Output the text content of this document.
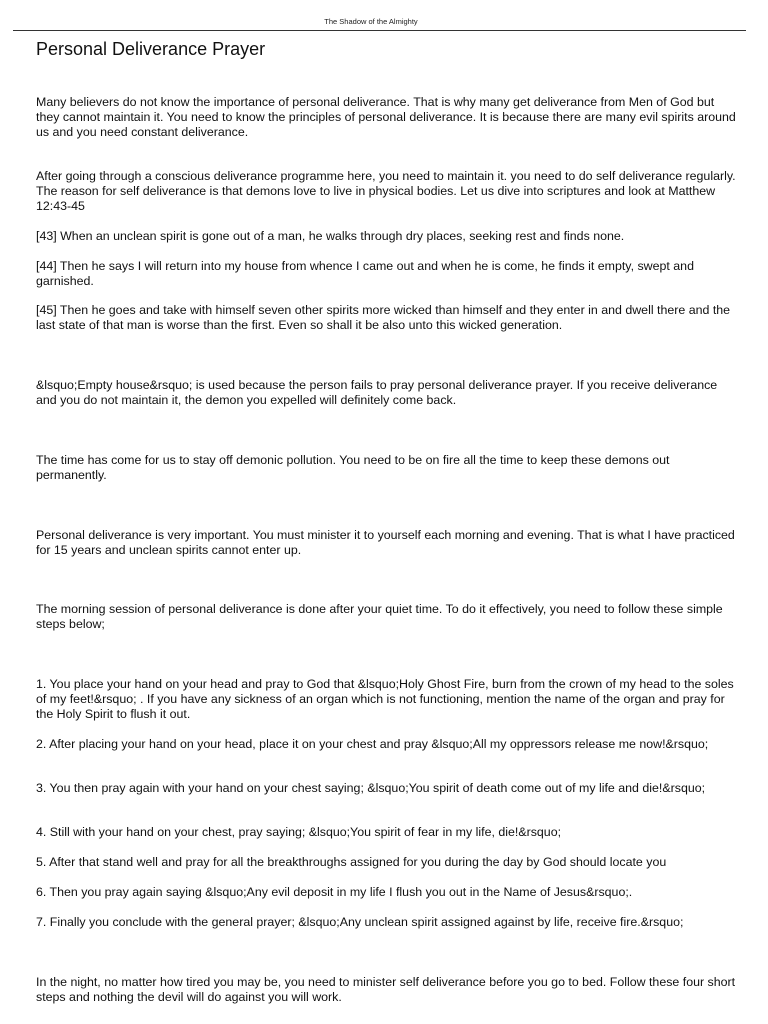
The Shadow of the Almighty
Personal Deliverance Prayer

Many believers do not know the importance of personal deliverance. That is why many get deliverance from Men of God but they cannot maintain it. You need to know the principles of personal deliverance. It is because there are many evil spirits around us and you need constant deliverance.

After going through a conscious deliverance programme here, you need to maintain it. you need to do self deliverance regularly. The reason for self deliverance is that demons love to live in physical bodies. Let us dive into scriptures and look at Matthew 12:43-45

[43] When an unclean spirit is gone out of a man, he walks through dry places, seeking rest and finds none.

[44] Then he says I will return into my house from whence I came out and when he is come, he finds it empty, swept and garnished.

[45] Then he goes and take with himself seven other spirits more wicked than himself and they enter in and dwell there and the last state of that man is worse than the first. Even so shall it be also unto this wicked generation.

&lsquo;Empty house&rsquo; is used because the person fails to pray personal deliverance prayer. If you receive deliverance and you do not maintain it, the demon you expelled will definitely come back.

The time has come for us to stay off demonic pollution. You need to be on fire all the time to keep these demons out permanently.

Personal deliverance is very important. You must minister it to yourself each morning and evening. That is what I have practiced for 15 years and unclean spirits cannot enter up.

The morning session of personal deliverance is done after your quiet time. To do it effectively, you need to follow these simple steps below;

1. You place your hand on your head and pray to God that &lsquo;Holy Ghost Fire, burn from the crown of my head to the soles of my feet!&rsquo; . If you have any sickness of an organ which is not functioning, mention the name of the organ and pray for the Holy Spirit to flush it out.

2. After placing your hand on your head, place it on your chest and pray &lsquo;All my oppressors release me now!&rsquo;

3. You then pray again with your hand on your chest saying; &lsquo;You spirit of death come out of my life and die!&rsquo;

4. Still with your hand on your chest, pray saying; &lsquo;You spirit of fear in my life, die!&rsquo;

5. After that stand well and pray for all the breakthroughs assigned for you during the day by God should locate you

6. Then you pray again saying &lsquo;Any evil deposit in my life I flush you out in the Name of Jesus&rsquo;.

7. Finally you conclude with the general prayer; &lsquo;Any unclean spirit assigned against by life, receive fire.&rsquo;

In the night, no matter how tired you may be, you need to minister self deliverance before you go to bed. Follow these four short steps and nothing the devil will do against you will work.
